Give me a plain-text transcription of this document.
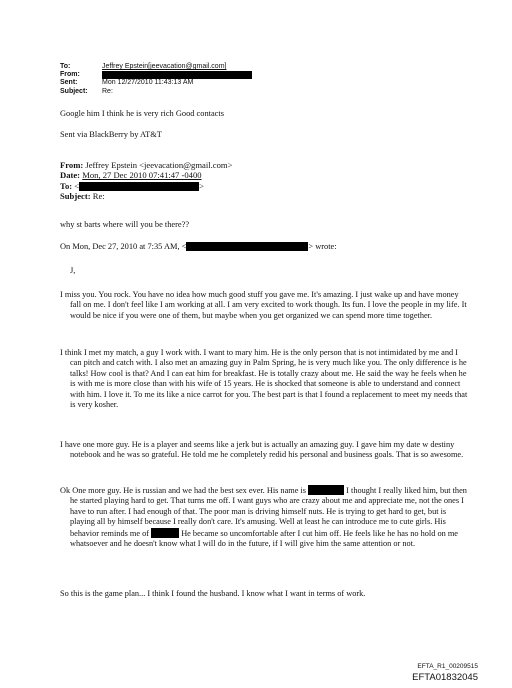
To:	Jeffrey Epstein[jeevacation@gmail.com]
From:
Sent:	Mon 12/27/2010 11:43:13 AM
Subject:	Re:
Google him I think he is very rich Good contacts
Sent via BlackBerry by AT&T
From: Jeffrey Epstein <jeevacation@gmail.com>
Date: Mon, 27 Dec 2010 07:41:47 -0400
To: <	>
Subject: Re:
why st barts where will you be there??
On Mon, Dec 27, 2010 at 7:35 AM, <	> wrote:
J,
I miss you. You rock. You have no idea how much good stuff you gave me. It's amazing. I just wake up and have money fall on me. I don't feel like I am working at all. I am very excited to work though. Its fun. I love the people in my life. It would be nice if you were one of them, but maybe when you get organized we can spend more time together.
I think I met my match, a guy I work with. I want to mary him. He is the only person that is not intimidated by me and I can pitch and catch with. I also met an amazing guy in Palm Spring, he is very much like you. The only difference is he talks! How cool is that? And I can eat him for breakfast. He is totally crazy about me. He said the way he feels when he is with me is more close than with his wife of 15 years. He is shocked that someone is able to understand and connect with him. I love it. To me its like a nice carrot for you. The best part is that I found a replacement to meet my needs that is very kosher.
I have one more guy. He is a player and seems like a jerk but is actually an amazing guy. I gave him my date w destiny notebook and he was so grateful. He told me he completely redid his personal and business goals. That is so awesome.
Ok One more guy. He is russian and we had the best sex ever. His name is	I thought I really liked him, but then he started playing hard to get. That turns me off. I want guys who are crazy about me and appreciate me, not the ones I have to run after. I had enough of that. The poor man is driving himself nuts. He is trying to get hard to get, but is playing all by himself because I really don't care. It's amusing. Well at least he can introduce me to cute girls. His behavior reminds me of	He became so uncomfortable after I cut him off. He feels like he has no hold on me whatsoever and he doesn't know what I will do in the future, if I will give him the same attention or not.
So this is the game plan... I think I found the husband. I know what I want in terms of work.
EFTA_R1_00209515
EFTA01832045
